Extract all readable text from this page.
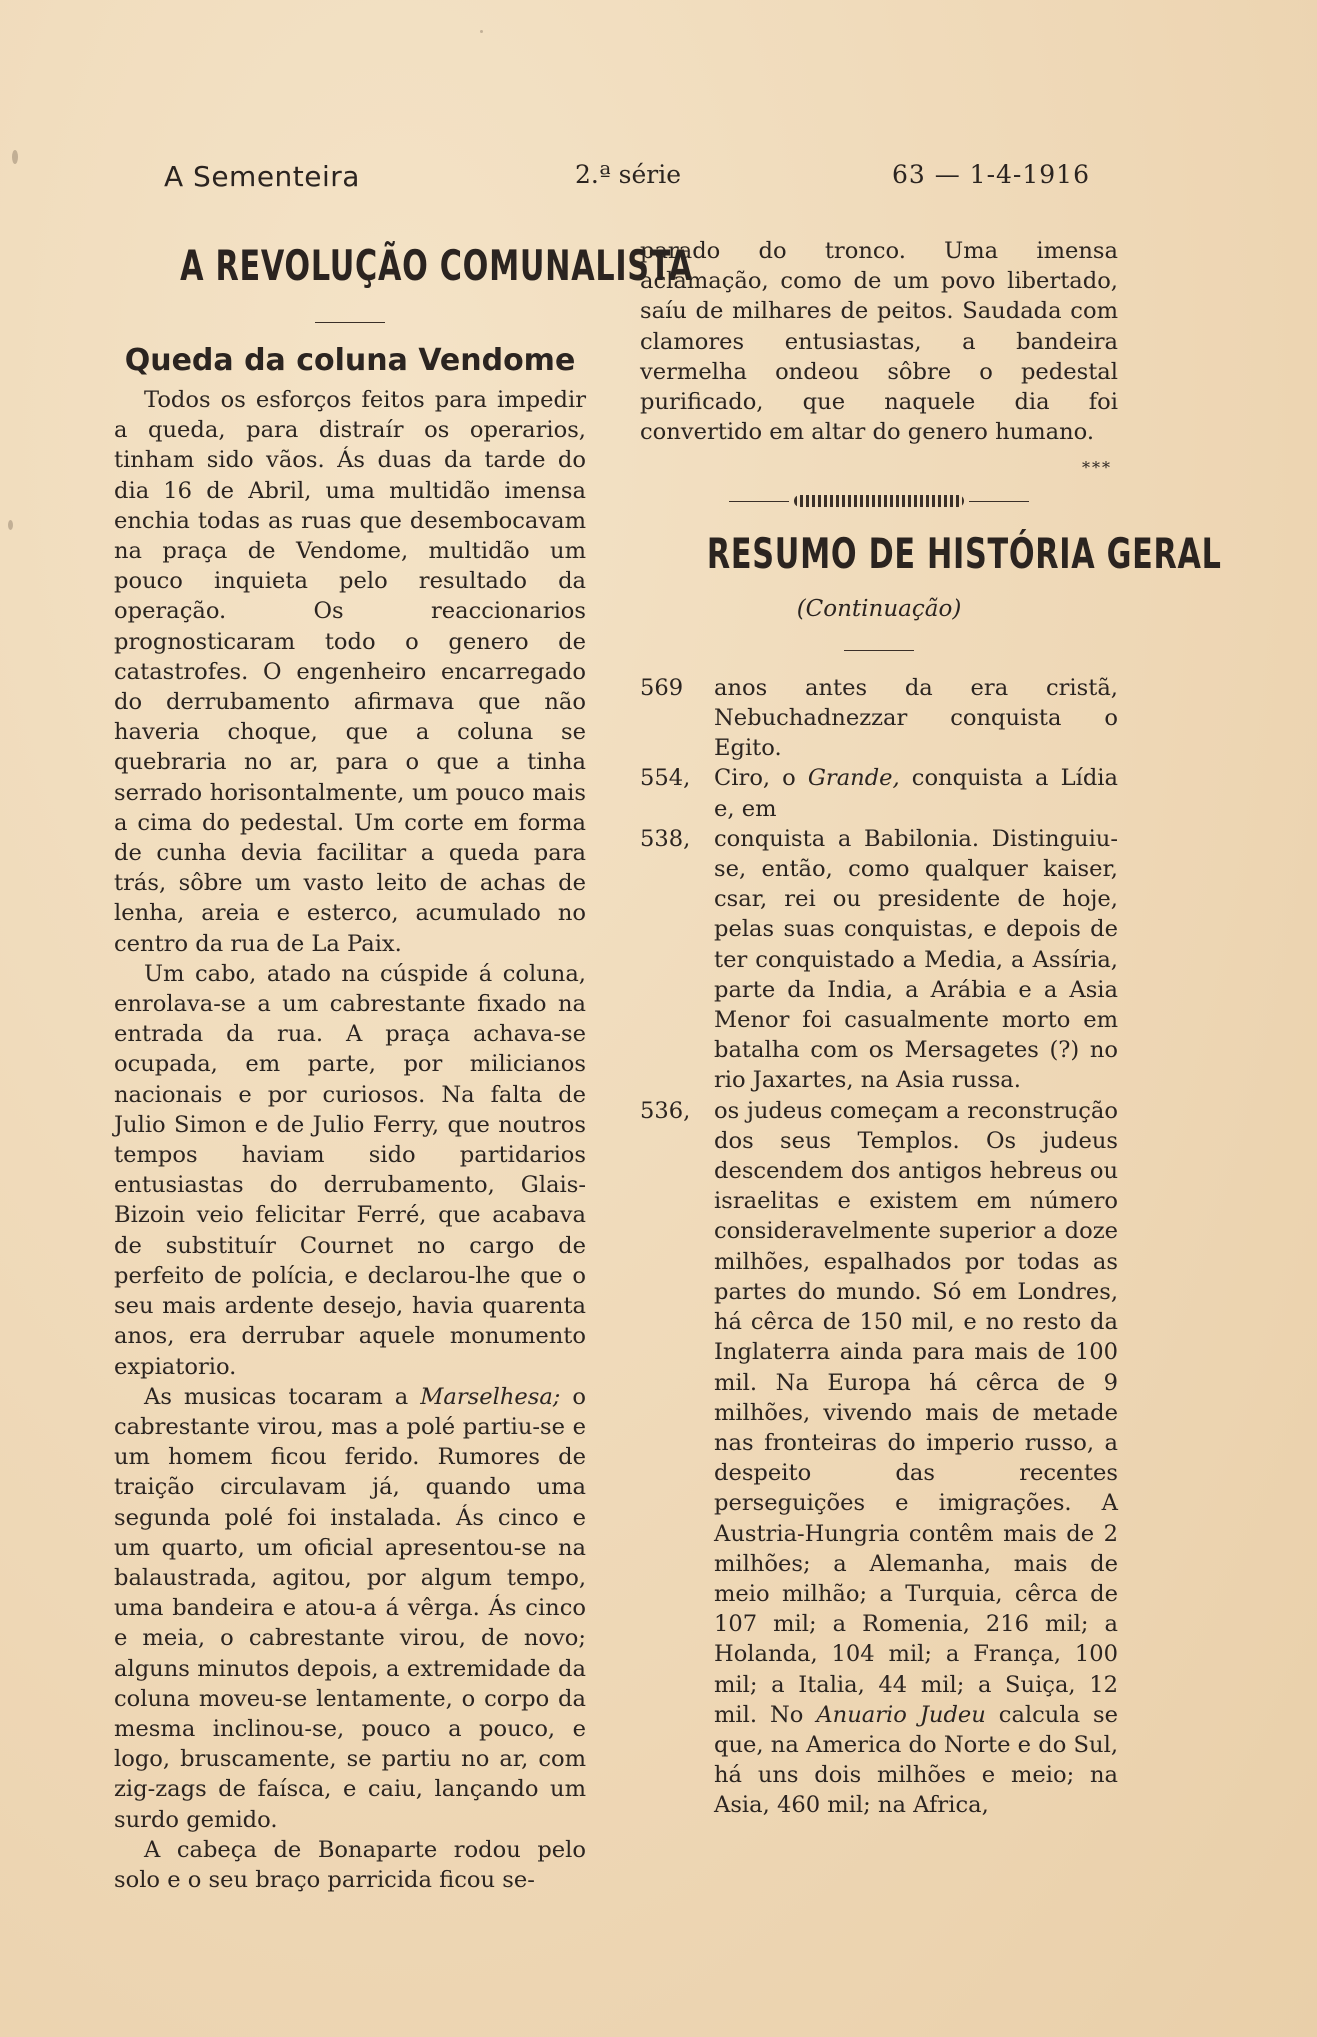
A Sementeira	2.ª série	63 — 1-4-1916
A REVOLUÇÃO COMUNALISTA
Queda da coluna Vendome

Todos os esforços feitos para impedir a queda, para distraír os operarios, tinham sido vãos. Ás duas da tarde do dia 16 de Abril, uma multidão imensa enchia todas as ruas que desembocavam na praça de Vendome, multidão um pouco inquieta pelo resultado da operação. Os reaccionarios prognosticaram todo o genero de catastrofes. O engenheiro encarregado do derrubamento afirmava que não haveria choque, que a coluna se quebraria no ar, para o que a tinha serrado horisontalmente, um pouco mais a cima do pedestal. Um corte em forma de cunha devia facilitar a queda para trás, sôbre um vasto leito de achas de lenha, areia e esterco, acumulado no centro da rua de La Paix.

Um cabo, atado na cúspide á coluna, enrolava-se a um cabrestante fixado na entrada da rua. A praça achava-se ocupada, em parte, por milicianos nacionais e por curiosos. Na falta de Julio Simon e de Julio Ferry, que noutros tempos haviam sido partidarios entusiastas do derrubamento, Glais-Bizoin veio felicitar Ferré, que acabava de substituír Cournet no cargo de perfeito de polícia, e declarou-lhe que o seu mais ardente desejo, havia quarenta anos, era derrubar aquele monumento expiatorio.

As musicas tocaram a Marselhesa; o cabrestante virou, mas a polé partiu-se e um homem ficou ferido. Rumores de traição circulavam já, quando uma segunda polé foi instalada. Ás cinco e um quarto, um oficial apresentou-se na balaustrada, agitou, por algum tempo, uma bandeira e atou-a á vêrga. Ás cinco e meia, o cabrestante virou, de novo; alguns minutos depois, a extremidade da coluna moveu-se lentamente, o corpo da mesma inclinou-se, pouco a pouco, e logo, bruscamente, se partiu no ar, com zig-zags de faísca, e caiu, lançando um surdo gemido.

A cabeça de Bonaparte rodou pelo solo e o seu braço parricida ficou se-

parado do tronco. Uma imensa aclamação, como de um povo libertado, saíu de milhares de peitos. Saudada com clamores entusiastas, a bandeira vermelha ondeou sôbre o pedestal purificado, que naquele dia foi convertido em altar do genero humano.

***
RESUMO DE HISTÓRIA GERAL
(Continuação)
569	anos antes da era cristã, Nebuchadnezzar conquista o Egito.
554,	Ciro, o Grande, conquista a Lídia e, em
538,	conquista a Babilonia. Distinguiu-se, então, como qualquer kaiser, csar, rei ou presidente de hoje, pelas suas conquistas, e depois de ter conquistado a Media, a Assíria, parte da India, a Arábia e a Asia Menor foi casualmente morto em batalha com os Mersagetes (?) no rio Jaxartes, na Asia russa.
536,	os judeus começam a reconstrução dos seus Templos. Os judeus descendem dos antigos hebreus ou israelitas e existem em número consideravelmente superior a doze milhões, espalhados por todas as partes do mundo. Só em Londres, há cêrca de 150 mil, e no resto da Inglaterra ainda para mais de 100 mil. Na Europa há cêrca de 9 milhões, vivendo mais de metade nas fronteiras do imperio russo, a despeito das recentes perseguições e imigrações. A Austria-Hungria contêm mais de 2 milhões; a Alemanha, mais de meio milhão; a Turquia, cêrca de 107 mil; a Romenia, 216 mil; a Holanda, 104 mil; a França, 100 mil; a Italia, 44 mil; a Suiça, 12 mil. No Anuario Judeu calcula se que, na America do Norte e do Sul, há uns dois milhões e meio; na Asia, 460 mil; na Africa,
